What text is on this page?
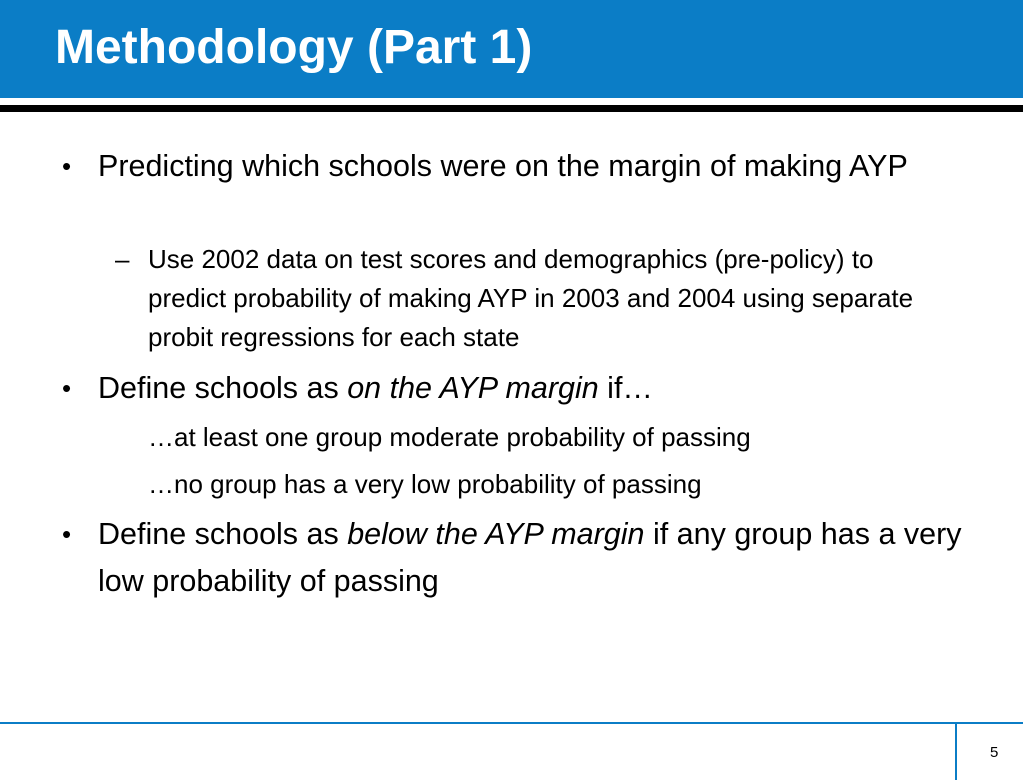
Methodology (Part 1)
• Predicting which schools were on the margin of making AYP
– Use 2002 data on test scores and demographics (pre-policy) to predict probability of making AYP in 2003 and 2004 using separate probit regressions for each state
• Define schools as on the AYP margin if…
…at least one group moderate probability of passing
…no group has a very low probability of passing
• Define schools as below the AYP margin if any group has a very low probability of passing
5
